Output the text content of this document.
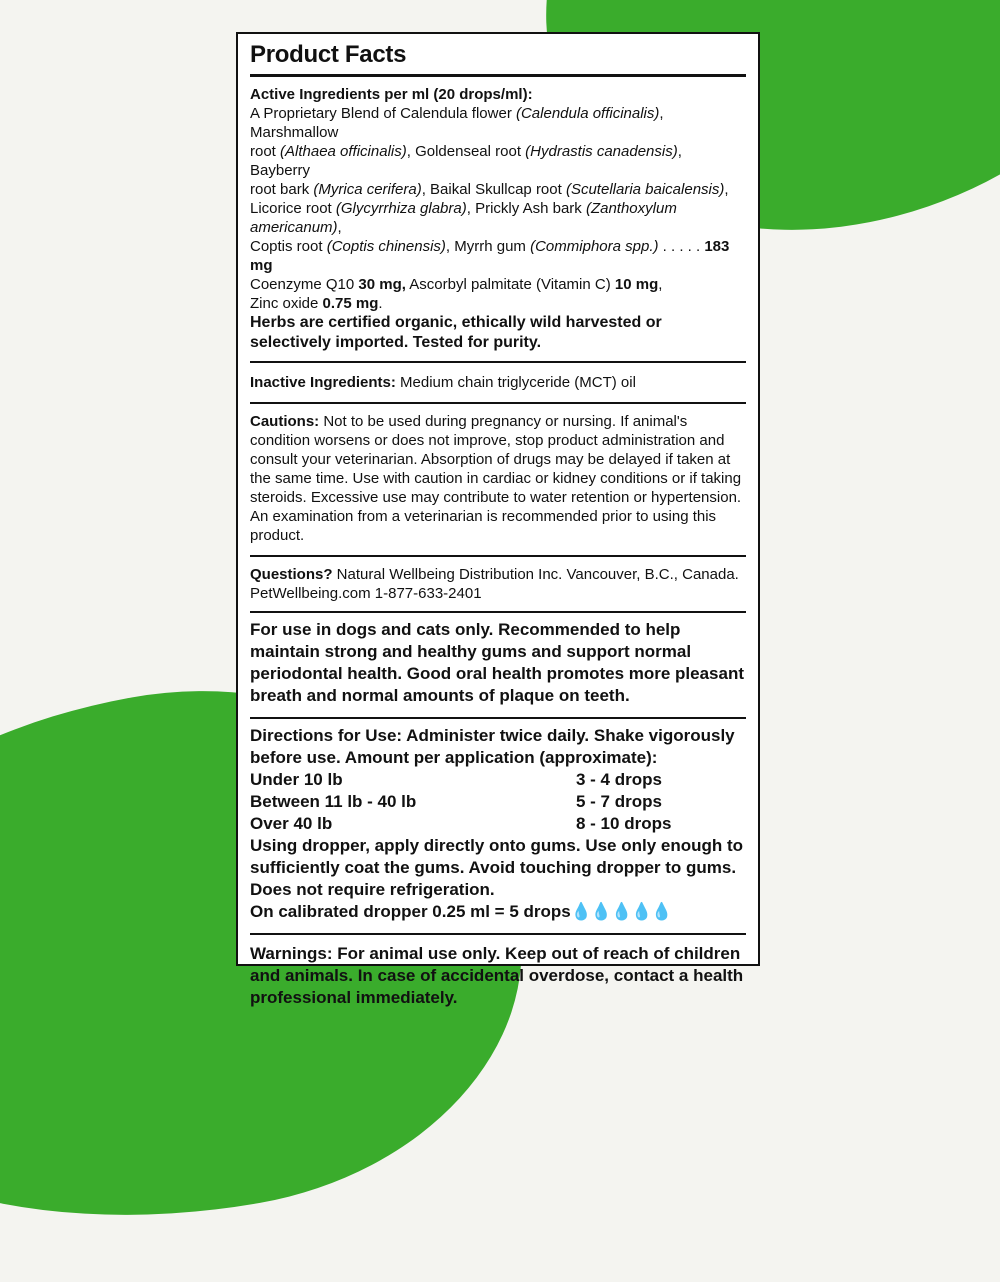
Product Facts
Active Ingredients per ml (20 drops/ml):
A Proprietary Blend of Calendula flower (Calendula officinalis), Marshmallow
root (Althaea officinalis), Goldenseal root (Hydrastis canadensis), Bayberry
root bark (Myrica cerifera), Baikal Skullcap root (Scutellaria baicalensis),
Licorice root (Glycyrrhiza glabra), Prickly Ash bark (Zanthoxylum americanum),
Coptis root (Coptis chinensis), Myrrh gum (Commiphora spp.) . . . . . 183 mg
Coenzyme Q10 30 mg, Ascorbyl palmitate (Vitamin C) 10 mg,
Zinc oxide 0.75 mg.
Herbs are certified organic, ethically wild harvested or selectively imported. Tested for purity.
Inactive Ingredients: Medium chain triglyceride (MCT) oil
Cautions: Not to be used during pregnancy or nursing. If animal's condition worsens or does not improve, stop product administration and consult your veterinarian. Absorption of drugs may be delayed if taken at the same time. Use with caution in cardiac or kidney conditions or if taking steroids. Excessive use may contribute to water retention or hypertension. An examination from a veterinarian is recommended prior to using this product.
Questions? Natural Wellbeing Distribution Inc. Vancouver, B.C., Canada.
PetWellbeing.com 1-877-633-2401
For use in dogs and cats only. Recommended to help maintain strong and healthy gums and support normal periodontal health. Good oral health promotes more pleasant breath and normal amounts of plaque on teeth.
Directions for Use: Administer twice daily. Shake vigorously before use. Amount per application (approximate):
Under 10 lb	3 - 4 drops
Between 11 lb - 40 lb	5 - 7 drops
Over 40 lb	8 - 10 drops
Using dropper, apply directly onto gums. Use only enough to sufficiently coat the gums. Avoid touching dropper to gums. Does not require refrigeration.
On calibrated dropper 0.25 ml = 5 drops💧💧💧💧💧
Warnings: For animal use only. Keep out of reach of children and animals. In case of accidental overdose, contact a health professional immediately.
